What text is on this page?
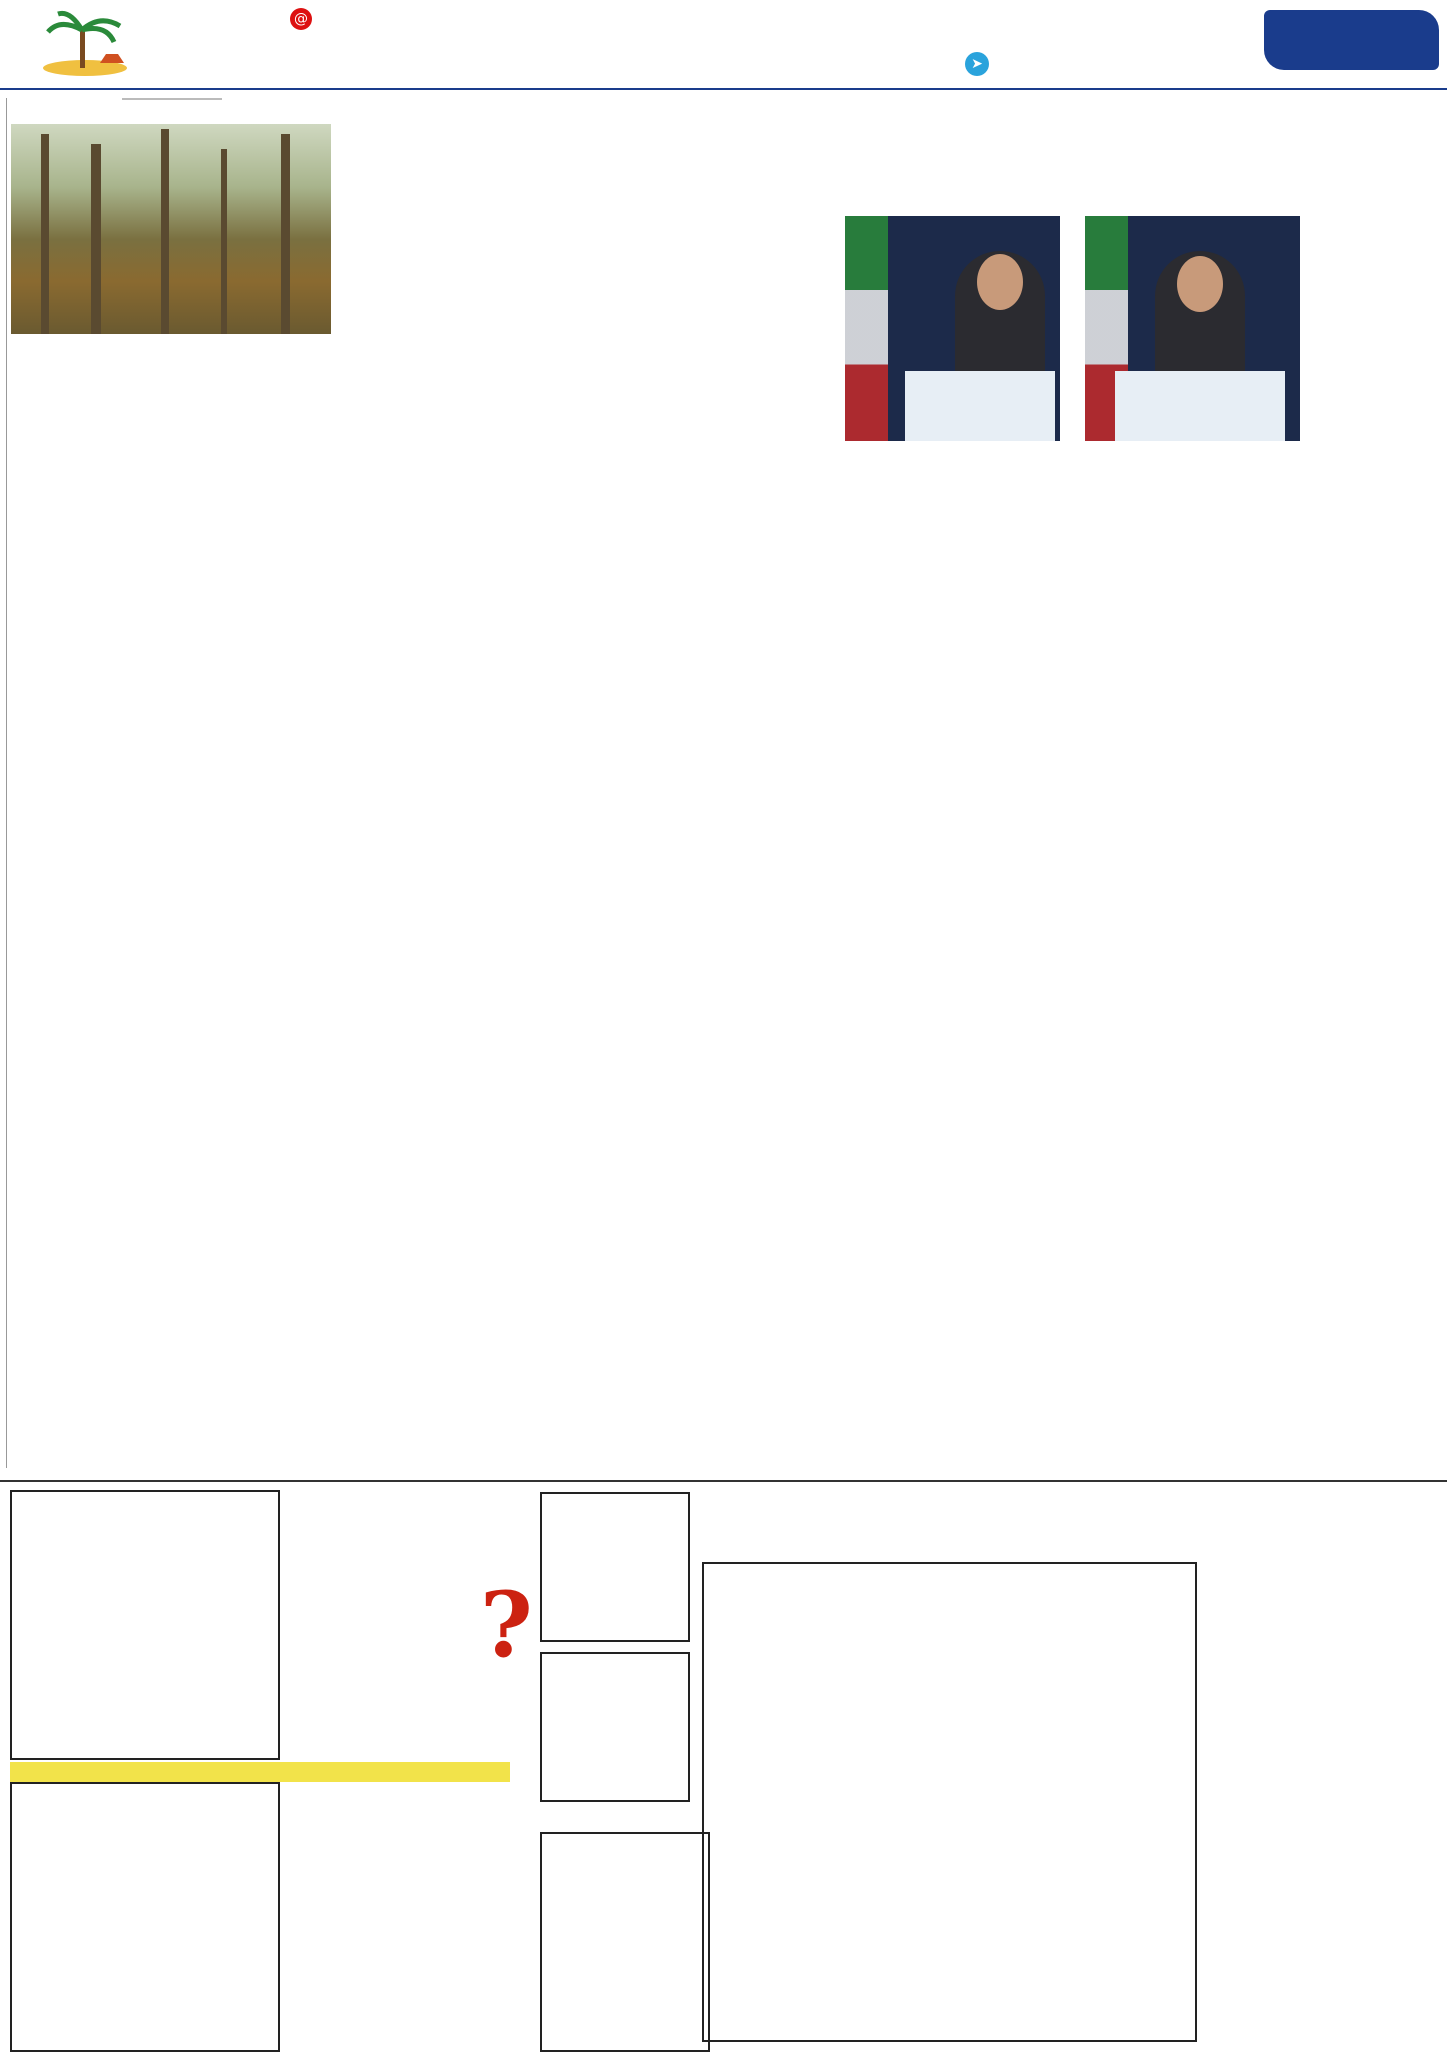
@
➤

?
